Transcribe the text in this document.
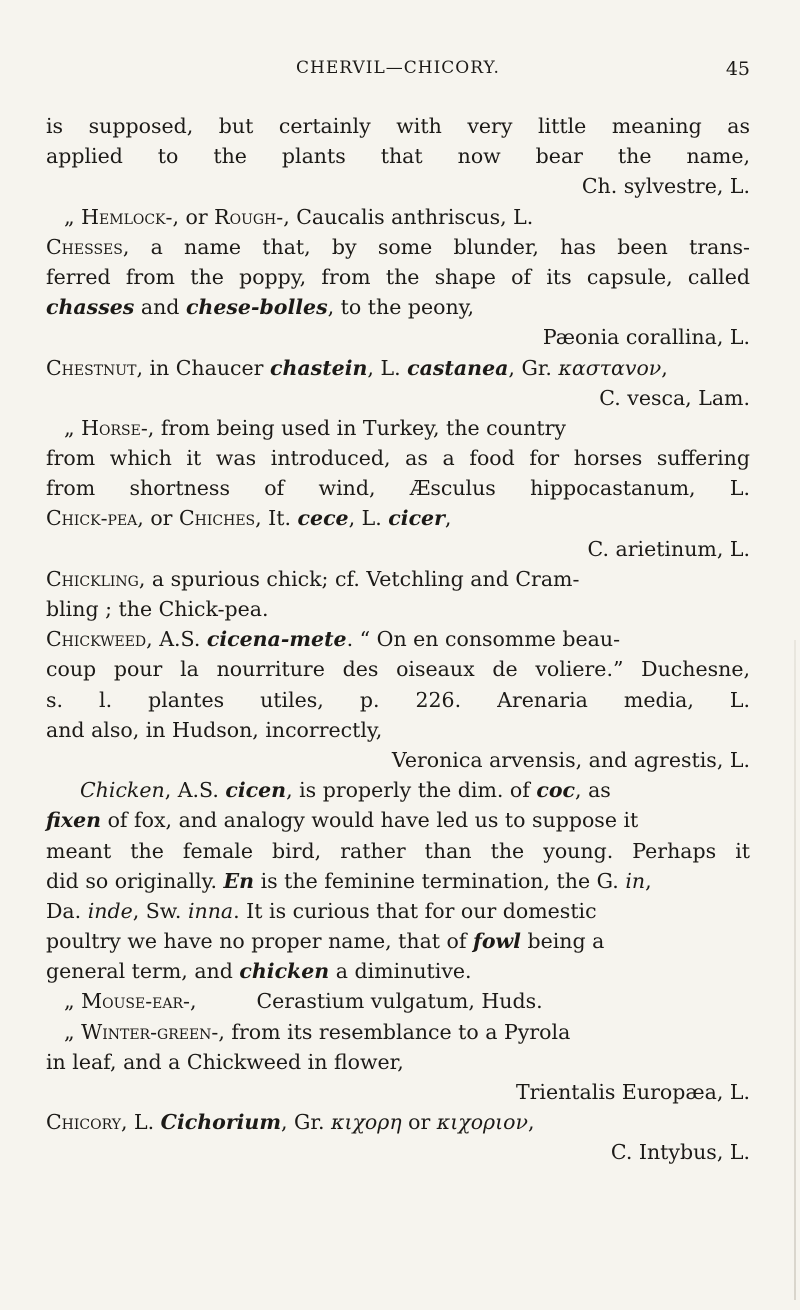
CHERVIL—CHICORY.	45
is supposed, but certainly with very little meaning as
applied to the plants that now bear the name,
Ch. sylvestre, L.
„ Hemlock-, or Rough-, Caucalis anthriscus, L.
Chesses, a name that, by some blunder, has been trans-
ferred from the poppy, from the shape of its capsule, called
chasses and chese-bolles, to the peony,
Pæonia corallina, L.
Chestnut, in Chaucer chastein, L. castanea, Gr. κασταvoν,
C. vesca, Lam.
„ Horse-, from being used in Turkey, the country
from which it was introduced, as a food for horses suffering
from shortness of wind, Æsculus hippocastanum, L.
Chick-pea, or Chiches, It. cece, L. cicer,
C. arietinum, L.
Chickling, a spurious chick; cf. Vetchling and Cram-
bling ; the Chick-pea.
Chickweed, A.S. cicena-mete. “ On en consomme beau-
coup pour la nourriture des oiseaux de voliere.” Duchesne,
s. l. plantes utiles, p. 226. Arenaria media, L.
and also, in Hudson, incorrectly,
Veronica arvensis, and agrestis, L.
Chicken, A.S. cicen, is properly the dim. of coc, as
fixen of fox, and analogy would have led us to suppose it
meant the female bird, rather than the young. Perhaps it
did so originally. En is the feminine termination, the G. in,
Da. inde, Sw. inna. It is curious that for our domestic
poultry we have no proper name, that of fowl being a
general term, and chicken a diminutive.
„ Mouse-ear-,	Cerastium vulgatum, Huds.
„ Winter-green-, from its resemblance to a Pyrola
in leaf, and a Chickweed in flower,
Trientalis Europæa, L.
Chicory, L. Cichorium, Gr. κιχoρη or κιχoριoν,
C. Intybus, L.
